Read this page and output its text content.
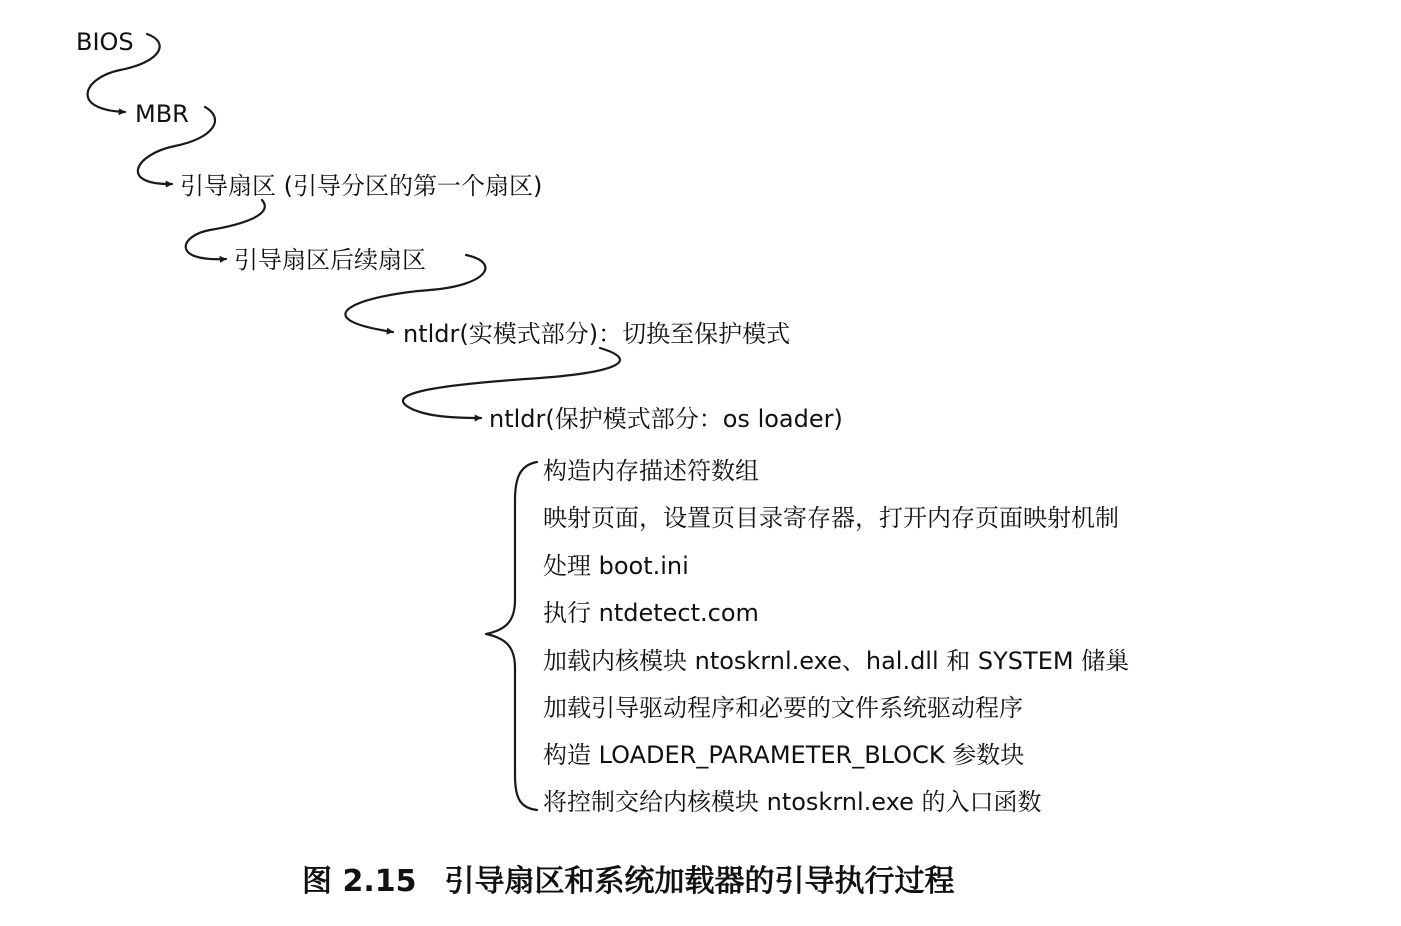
BIOS
MBR
引导扇区 (引导分区的第一个扇区)
引导扇区后续扇区
ntldr(实模式部分)：切换至保护模式
ntldr(保护模式部分：os loader)
构造内存描述符数组
映射页面，设置页目录寄存器，打开内存页面映射机制
处理 boot.ini
执行 ntdetect.com
加载内核模块 ntoskrnl.exe、hal.dll 和 SYSTEM 储巢
加载引导驱动程序和必要的文件系统驱动程序
构造 LOADER_PARAMETER_BLOCK 参数块
将控制交给内核模块 ntoskrnl.exe 的入口函数
图 2.15 引导扇区和系统加载器的引导执行过程
